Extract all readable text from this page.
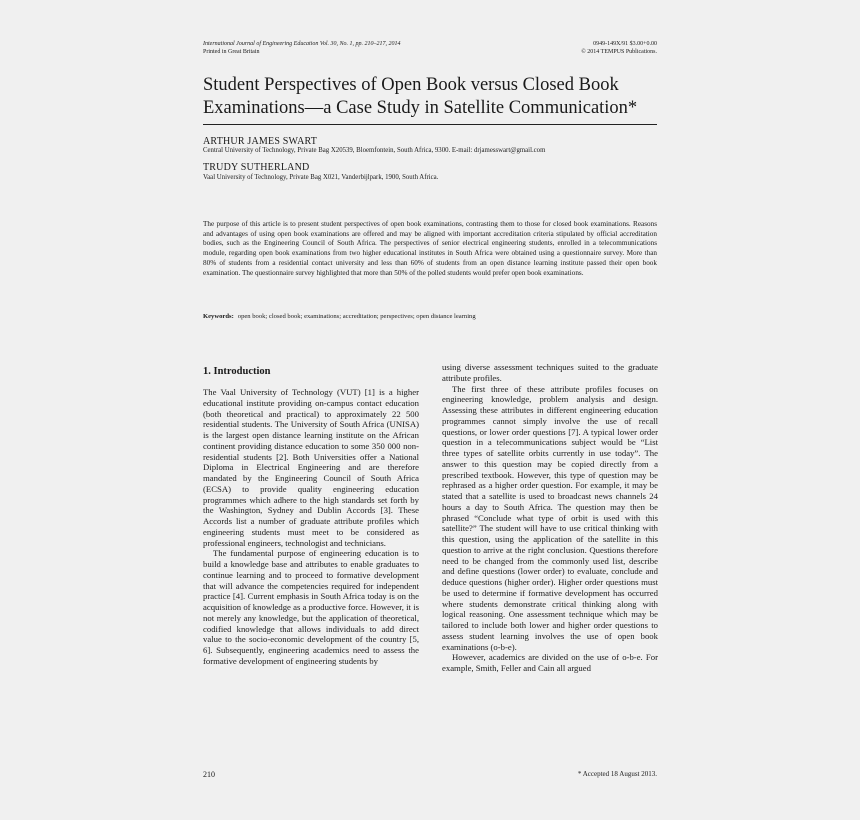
International Journal of Engineering Education Vol. 30, No. 1, pp. 210–217, 2014
Printed in Great Britain
0949-149X/91 $3.00+0.00
© 2014 TEMPUS Publications.
Student Perspectives of Open Book versus Closed Book Examinations—a Case Study in Satellite Communication*
ARTHUR JAMES SWART
Central University of Technology, Private Bag X20539, Bloemfontein, South Africa, 9300. E-mail: drjamesswart@gmail.com
TRUDY SUTHERLAND
Vaal University of Technology, Private Bag X021, Vanderbijlpark, 1900, South Africa.

The purpose of this article is to present student perspectives of open book examinations, contrasting them to those for closed book examinations. Reasons and advantages of using open book examinations are offered and may be aligned with important accreditation criteria stipulated by official accreditation bodies, such as the Engineering Council of South Africa. The perspectives of senior electrical engineering students, enrolled in a telecommunications module, regarding open book examinations from two higher educational institutes in South Africa were obtained using a questionnaire survey. More than 80% of students from a residential contact university and less than 60% of students from an open distance learning institute passed their open book examination. The questionnaire survey highlighted that more than 50% of the polled students would prefer open book examinations.

Keywords: open book; closed book; examinations; accreditation; perspectives; open distance learning
1. Introduction

The Vaal University of Technology (VUT) [1] is a higher educational institute providing on-campus contact education (both theoretical and practical) to approximately 22 500 residential students. The University of South Africa (UNISA) is the largest open distance learning institute on the African continent providing distance education to some 350 000 non-residential students [2]. Both Universities offer a National Diploma in Electrical Engineering and are therefore mandated by the Engineering Council of South Africa (ECSA) to provide quality engineering education programmes which adhere to the high standards set forth by the Washington, Sydney and Dublin Accords [3]. These Accords list a number of graduate attribute profiles which engineering students must meet to be considered as professional engineers, technologist and technicians.

The fundamental purpose of engineering education is to build a knowledge base and attributes to enable graduates to continue learning and to proceed to formative development that will advance the competencies required for independent practice [4]. Current emphasis in South Africa today is on the acquisition of knowledge as a productive force. However, it is not merely any knowledge, but the application of theoretical, codified knowledge that allows individuals to add direct value to the socio-economic development of the country [5, 6]. Subsequently, engineering academics need to assess the formative development of engineering students by

using diverse assessment techniques suited to the graduate attribute profiles.

The first three of these attribute profiles focuses on engineering knowledge, problem analysis and design. Assessing these attributes in different engineering education programmes cannot simply involve the use of recall questions, or lower order questions [7]. A typical lower order question in a telecommunications subject would be “List three types of satellite orbits currently in use today”. The answer to this question may be copied directly from a prescribed textbook. However, this type of question may be rephrased as a higher order question. For example, it may be stated that a satellite is used to broadcast news channels 24 hours a day to South Africa. The question may then be phrased “Conclude what type of orbit is used with this satellite?” The student will have to use critical thinking with this question, using the application of the satellite in this question to arrive at the right conclusion. Questions therefore need to be changed from the commonly used list, describe and define questions (lower order) to evaluate, conclude and deduce questions (higher order). Higher order questions must be used to determine if formative development has occurred where students demonstrate critical thinking along with logical reasoning. One assessment technique which may be tailored to include both lower and higher order questions to assess student learning involves the use of open book examinations (o-b-e).

However, academics are divided on the use of o-b-e. For example, Smith, Feller and Cain all argued

210	* Accepted 18 August 2013.
